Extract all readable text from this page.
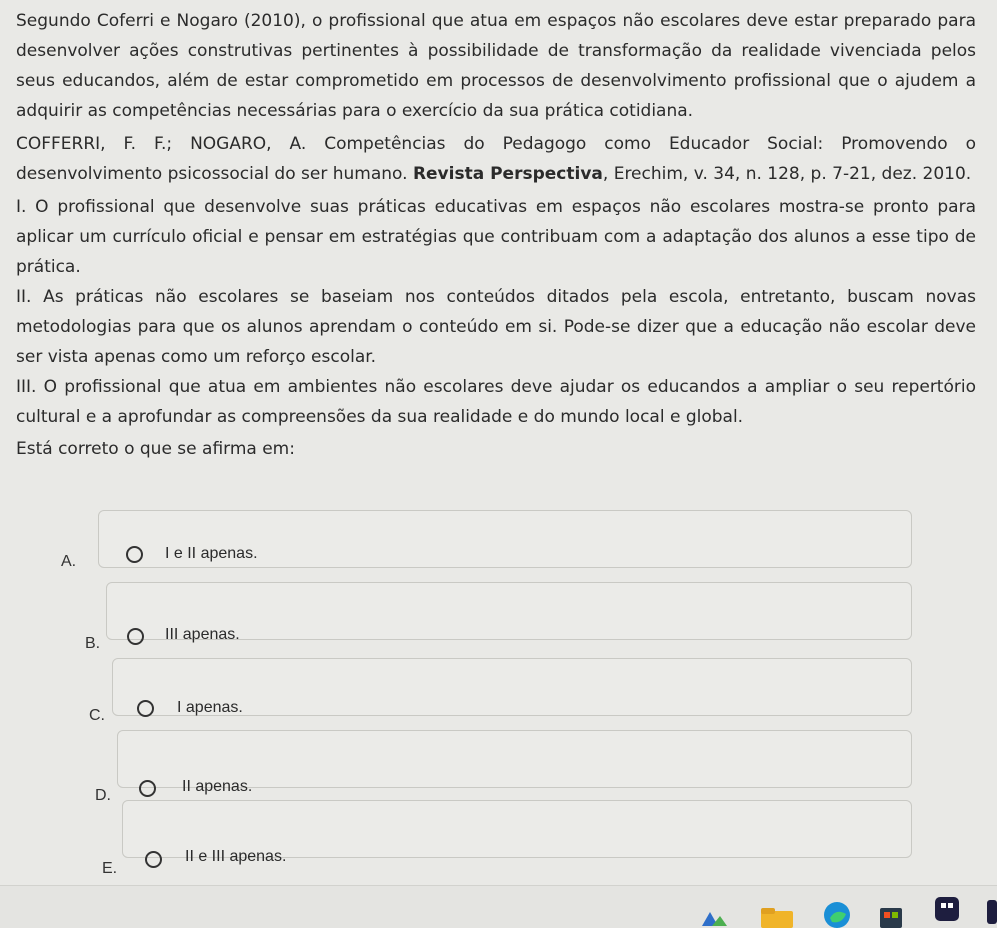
Segundo Coferri e Nogaro (2010), o profissional que atua em espaços não escolares deve estar preparado para desenvolver ações construtivas pertinentes à possibilidade de transformação da realidade vivenciada pelos seus educandos, além de estar comprometido em processos de desenvolvimento profissional que o ajudem a adquirir as competências necessárias para o exercício da sua prática cotidiana.

COFFERRI, F. F.; NOGARO, A. Competências do Pedagogo como Educador Social: Promovendo o desenvolvimento psicossocial do ser humano. Revista Perspectiva, Erechim, v. 34, n. 128, p. 7-21, dez. 2010.

I. O profissional que desenvolve suas práticas educativas em espaços não escolares mostra-se pronto para aplicar um currículo oficial e pensar em estratégias que contribuam com a adaptação dos alunos a esse tipo de prática.

II. As práticas não escolares se baseiam nos conteúdos ditados pela escola, entretanto, buscam novas metodologias para que os alunos aprendam o conteúdo em si. Pode-se dizer que a educação não escolar deve ser vista apenas como um reforço escolar.

III. O profissional que atua em ambientes não escolares deve ajudar os educandos a ampliar o seu repertório cultural e a aprofundar as compreensões da sua realidade e do mundo local e global.

Está correto o que se afirma em:

A.	I e II apenas.
B.
III apenas.
C.	I apenas.
D.
II apenas.
E.
II e III apenas.
